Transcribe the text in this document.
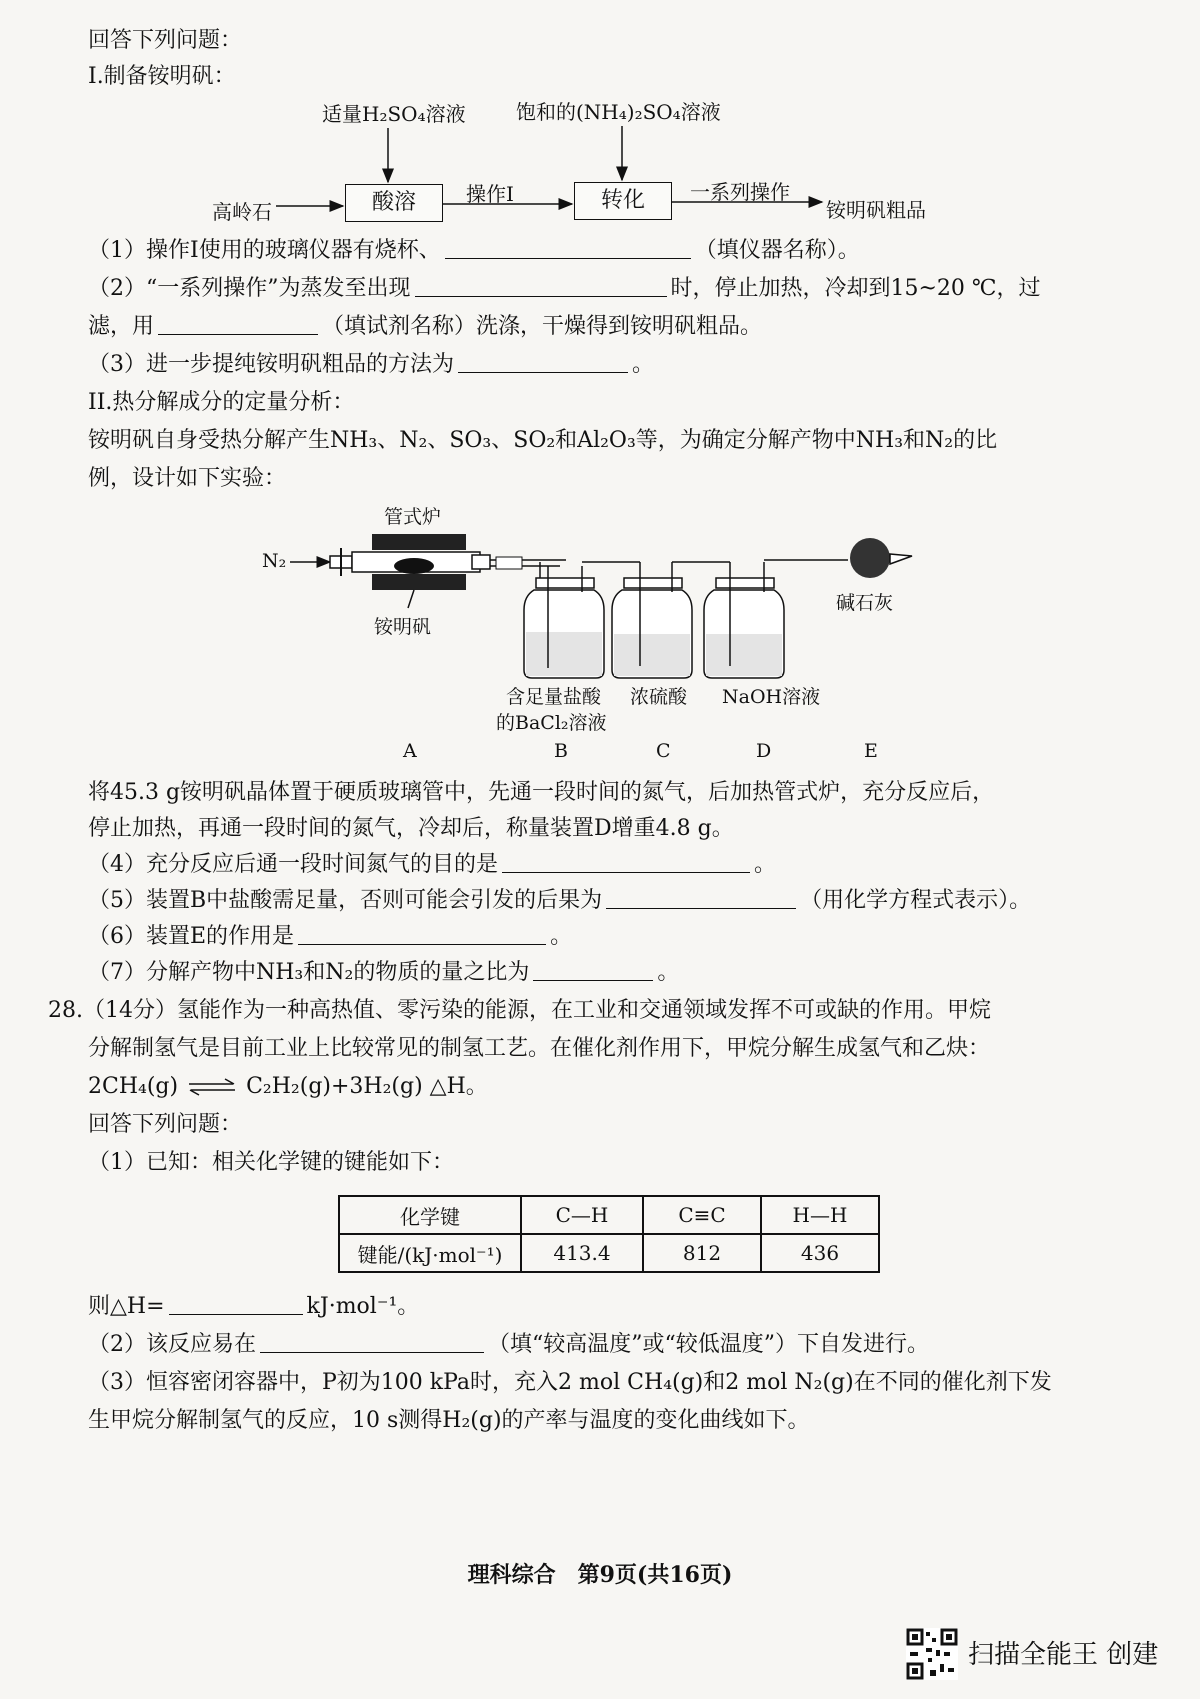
回答下列问题：
I.制备铵明矾：
适量H₂SO₄溶液	饱和的(NH₄)₂SO₄溶液
高岭石	酸溶	操作I	转化	一系列操作
铵明矾粗品
（1）操作I使用的玻璃仪器有烧杯、	（填仪器名称）。
（2）“一系列操作”为蒸发至出现	时，停止加热，冷却到15~20 ℃，过
滤，用	（填试剂名称）洗涤，干燥得到铵明矾粗品。
（3）进一步提纯铵明矾粗品的方法为	。
II.热分解成分的定量分析：
铵明矾自身受热分解产生NH₃、N₂、SO₃、SO₂和Al₂O₃等，为确定分解产物中NH₃和N₂的比
例，设计如下实验：
管式炉
N₂
铵明矾
碱石灰
含足量盐酸
的BaCl₂溶液
浓硫酸 NaOH溶液
A	B	C	D	E
将45.3 g铵明矾晶体置于硬质玻璃管中，先通一段时间的氮气，后加热管式炉，充分反应后，
停止加热，再通一段时间的氮气，冷却后，称量装置D增重4.8 g。
（4）充分反应后通一段时间氮气的目的是	。
（5）装置B中盐酸需足量，否则可能会引发的后果为	（用化学方程式表示）。
（6）装置E的作用是	。
（7）分解产物中NH₃和N₂的物质的量之比为	。
28.（14分）氢能作为一种高热值、零污染的能源，在工业和交通领域发挥不可或缺的作用。甲烷
分解制氢气是目前工业上比较常见的制氢工艺。在催化剂作用下，甲烷分解生成氢气和乙炔：
2CH₄(g) ⇌ C₂H₂(g)+3H₂(g) △H。
回答下列问题：
（1）已知：相关化学键的键能如下：
化学键	C—H	C≡C	H—H
键能/(kJ·mol⁻¹)	413.4	812	436
则△H=	kJ·mol⁻¹。
（2）该反应易在	（填“较高温度”或“较低温度”）下自发进行。
（3）恒容密闭容器中，P初为100 kPa时，充入2 mol CH₄(g)和2 mol N₂(g)在不同的催化剂下发
生甲烷分解制氢气的反应，10 s测得H₂(g)的产率与温度的变化曲线如下。
理科综合　第9页(共16页)
扫描全能王 创建
